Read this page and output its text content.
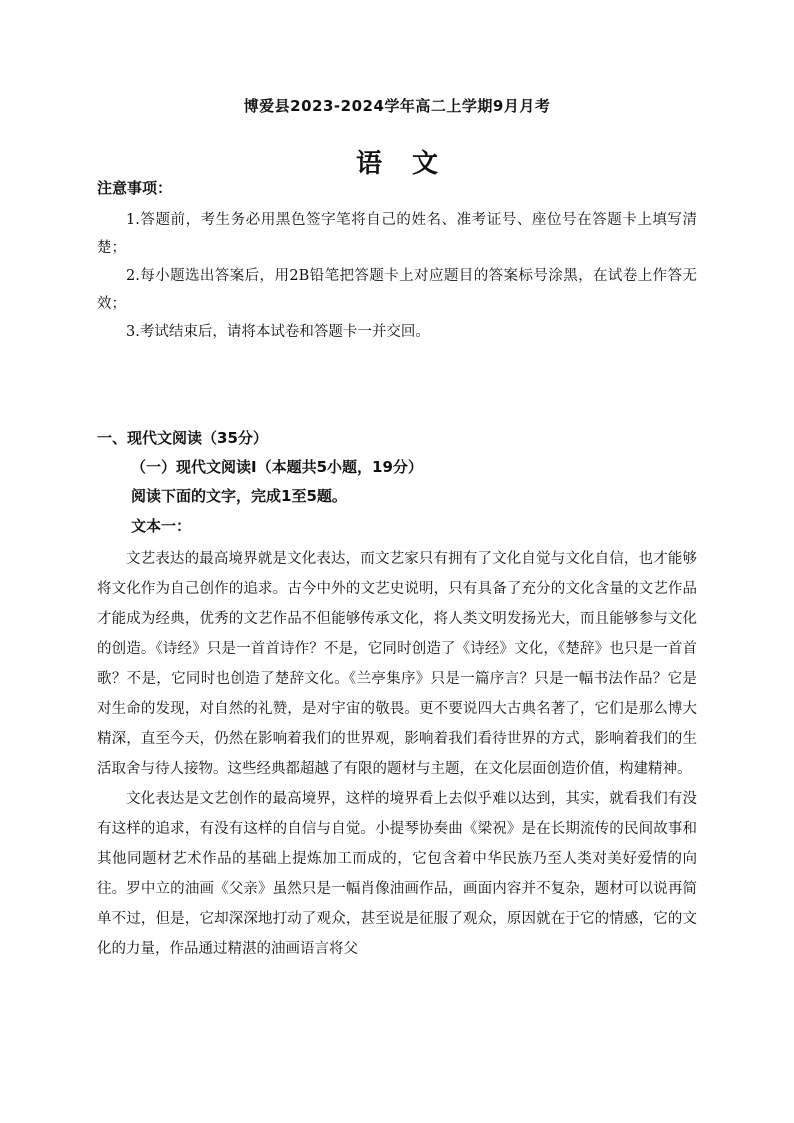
博爱县2023-2024学年高二上学期9月月考
语文
注意事项：

1.答题前，考生务必用黑色签字笔将自己的姓名、准考证号、座位号在答题卡上填写清楚；

2.每小题选出答案后，用2B铅笔把答题卡上对应题目的答案标号涂黑，在试卷上作答无效；

3.考试结束后，请将本试卷和答题卡一并交回。

一、现代文阅读（35分）
（一）现代文阅读Ⅰ（本题共5小题，19分）
阅读下面的文字，完成1至5题。
文本一：

文艺表达的最高境界就是文化表达，而文艺家只有拥有了文化自觉与文化自信，也才能够将文化作为自己创作的追求。古今中外的文艺史说明，只有具备了充分的文化含量的文艺作品才能成为经典，优秀的文艺作品不但能够传承文化，将人类文明发扬光大，而且能够参与文化的创造。《诗经》只是一首首诗作？不是，它同时创造了《诗经》文化，《楚辞》也只是一首首歌？不是，它同时也创造了楚辞文化。《兰亭集序》只是一篇序言？只是一幅书法作品？它是对生命的发现，对自然的礼赞，是对宇宙的敬畏。更不要说四大古典名著了，它们是那么博大精深，直至今天，仍然在影响着我们的世界观，影响着我们看待世界的方式，影响着我们的生活取舍与待人接物。这些经典都超越了有限的题材与主题，在文化层面创造价值，构建精神。

文化表达是文艺创作的最高境界，这样的境界看上去似乎难以达到，其实，就看我们有没有这样的追求，有没有这样的自信与自觉。小提琴协奏曲《梁祝》是在长期流传的民间故事和其他同题材艺术作品的基础上提炼加工而成的，它包含着中华民族乃至人类对美好爱情的向往。罗中立的油画《父亲》虽然只是一幅肖像油画作品，画面内容并不复杂，题材可以说再简单不过，但是，它却深深地打动了观众，甚至说是征服了观众，原因就在于它的情感，它的文化的力量，作品通过精湛的油画语言将父
